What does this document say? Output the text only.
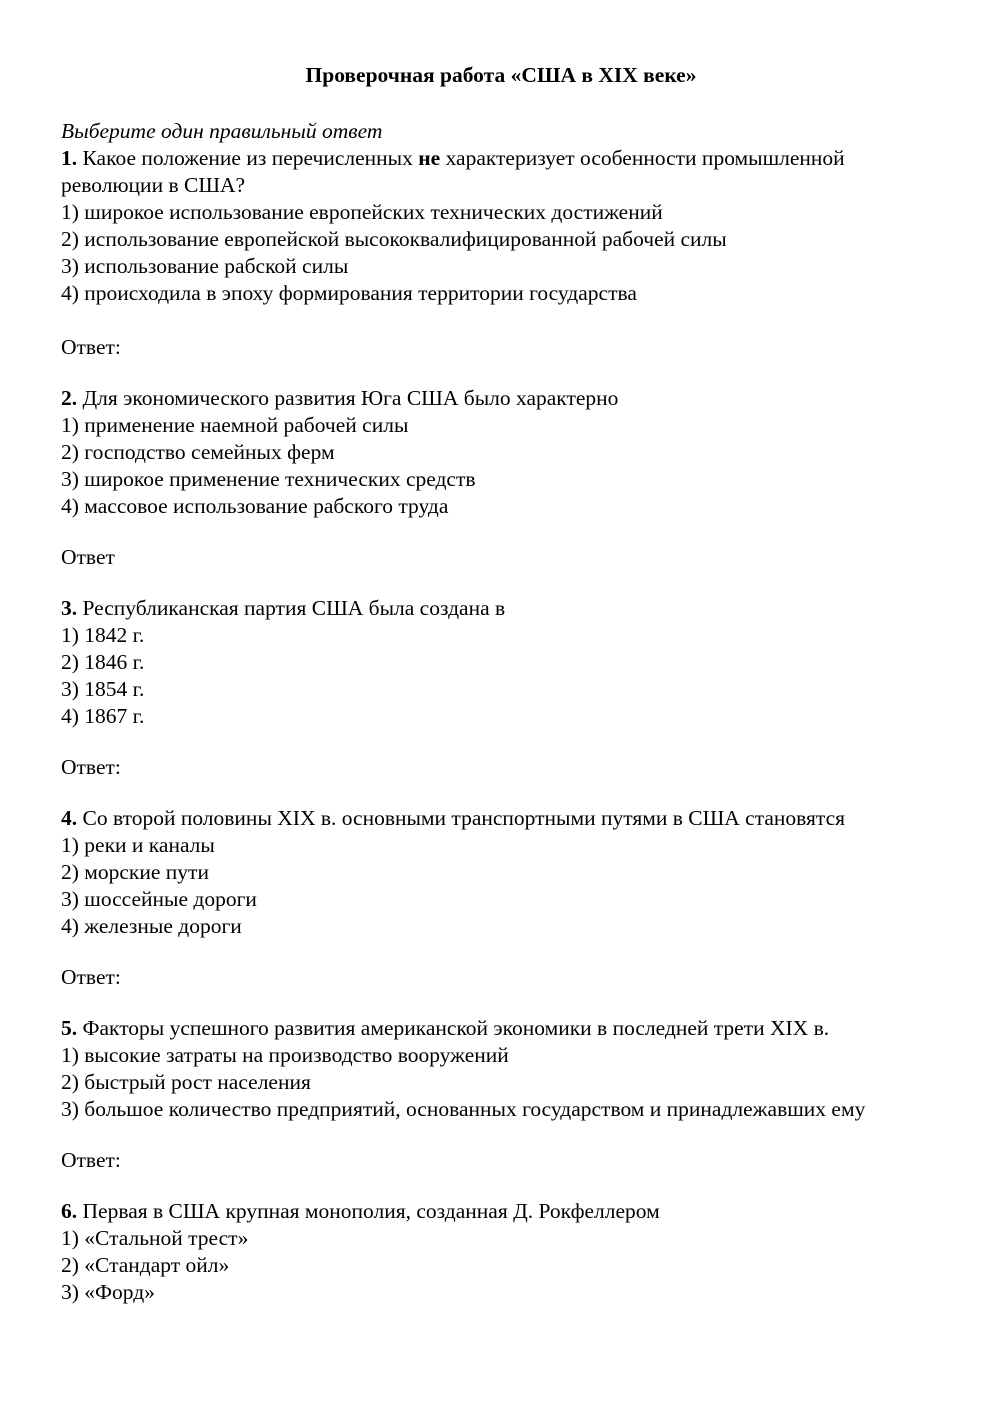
Проверочная работа «США в XIX веке»

Выберите один правильный ответ

1. Какое положение из перечисленных не характеризует особенности промышленной революции в США?

1) широкое использование европейских технических достижений

2) использование европейской высококвалифицированной рабочей силы

3) использование рабской силы

4) происходила в эпоху формирования территории государства

Ответ:

2. Для экономического развития Юга США было характерно

1) применение наемной рабочей силы

2) господство семейных ферм

3) широкое применение технических средств

4) массовое использование рабского труда

Ответ

3. Республиканская партия США была создана в

1) 1842 г.

2) 1846 г.

3) 1854 г.

4) 1867 г.

Ответ:

4. Со второй половины XIX в. основными транспортными путями в США становятся

1) реки и каналы

2) морские пути

3) шоссейные дороги

4) железные дороги

Ответ:

5. Факторы успешного развития американской экономики в последней трети XIX в.

1) высокие затраты на производство вооружений

2) быстрый рост населения

3) большое количество предприятий, основанных государством и принадлежавших ему

Ответ:

6. Первая в США крупная монополия, созданная Д. Рокфеллером

1) «Стальной трест»

2) «Стандарт ойл»

3) «Форд»
